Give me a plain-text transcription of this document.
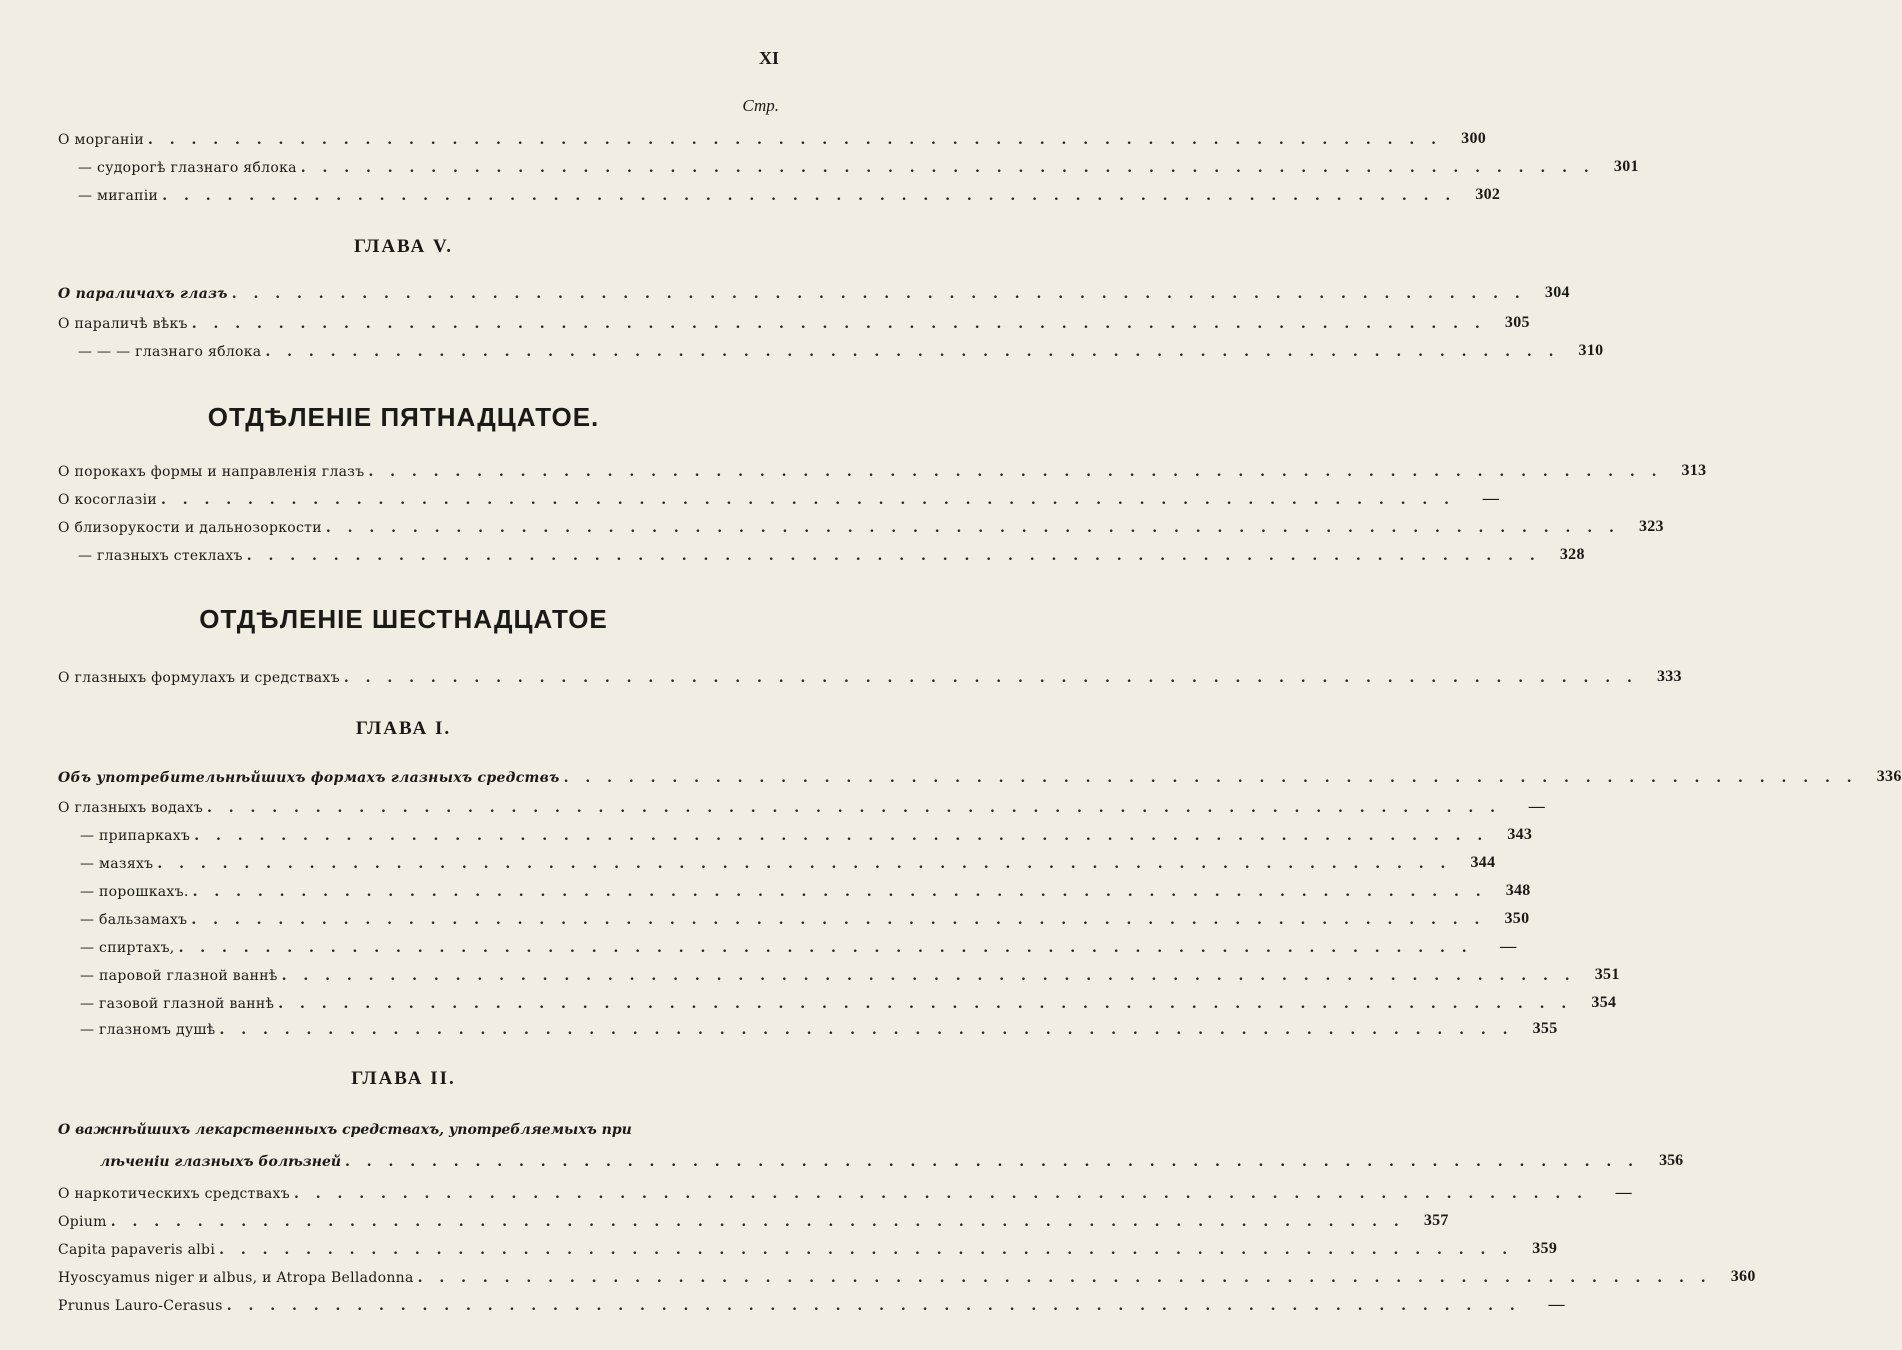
XI
Стр.
О морганіи . . . . . . . . . . . . . . . . . . . . . . . . . . . . . . . . . . . . . . . . . . . . . . . . . . . . . . . . . . . .	300
— судорогѣ глазнаго яблока . . . . . . . . . . . . . . . . . . . . . . . . . . . . . . . . . . . . . . . . . . . . . . . . . . . . . . . . . . . .	301
— мигапіи . . . . . . . . . . . . . . . . . . . . . . . . . . . . . . . . . . . . . . . . . . . . . . . . . . . . . . . . . . . .	302
ГЛАВА V.
О параличахъ глазъ . . . . . . . . . . . . . . . . . . . . . . . . . . . . . . . . . . . . . . . . . . . . . . . . . . . . . . . . . . . .	304
О параличѣ вѣкъ . . . . . . . . . . . . . . . . . . . . . . . . . . . . . . . . . . . . . . . . . . . . . . . . . . . . . . . . . . . .	305
— — — глазнаго яблока . . . . . . . . . . . . . . . . . . . . . . . . . . . . . . . . . . . . . . . . . . . . . . . . . . . . . . . . . . . .	310
ОТДѢЛЕНІЕ ПЯТНАДЦАТОЕ.
О порокахъ формы и направленія глазъ . . . . . . . . . . . . . . . . . . . . . . . . . . . . . . . . . . . . . . . . . . . . . . . . . . . . . . . . . . . .	313
О косоглазіи . . . . . . . . . . . . . . . . . . . . . . . . . . . . . . . . . . . . . . . . . . . . . . . . . . . . . . . . . . . .	—
О близорукости и дальнозоркости . . . . . . . . . . . . . . . . . . . . . . . . . . . . . . . . . . . . . . . . . . . . . . . . . . . . . . . . . . . .	323
— глазныхъ стеклахъ . . . . . . . . . . . . . . . . . . . . . . . . . . . . . . . . . . . . . . . . . . . . . . . . . . . . . . . . . . . .	328
ОТДѢЛЕНІЕ ШЕСТНАДЦАТОЕ
О глазныхъ формулахъ и средствахъ . . . . . . . . . . . . . . . . . . . . . . . . . . . . . . . . . . . . . . . . . . . . . . . . . . . . . . . . . . . .	333
ГЛАВА I.
Объ употребительнѣйшихъ формахъ глазныхъ средствъ . . . . . . . . . . . . . . . . . . . . . . . . . . . . . . . . . . . . . . . . . . . . . . . . . . . . . . . . . . . .	336
О глазныхъ водахъ . . . . . . . . . . . . . . . . . . . . . . . . . . . . . . . . . . . . . . . . . . . . . . . . . . . . . . . . . . . .	—
— припаркахъ . . . . . . . . . . . . . . . . . . . . . . . . . . . . . . . . . . . . . . . . . . . . . . . . . . . . . . . . . . . .	343
— мазяхъ . . . . . . . . . . . . . . . . . . . . . . . . . . . . . . . . . . . . . . . . . . . . . . . . . . . . . . . . . . . .	344
— порошкахъ. . . . . . . . . . . . . . . . . . . . . . . . . . . . . . . . . . . . . . . . . . . . . . . . . . . . . . . . . . . . .	348
— бальзамахъ . . . . . . . . . . . . . . . . . . . . . . . . . . . . . . . . . . . . . . . . . . . . . . . . . . . . . . . . . . . .	350
— спиртахъ, . . . . . . . . . . . . . . . . . . . . . . . . . . . . . . . . . . . . . . . . . . . . . . . . . . . . . . . . . . . .	—
— паровой глазной ваннѣ . . . . . . . . . . . . . . . . . . . . . . . . . . . . . . . . . . . . . . . . . . . . . . . . . . . . . . . . . . . .	351
— газовой глазной ваннѣ . . . . . . . . . . . . . . . . . . . . . . . . . . . . . . . . . . . . . . . . . . . . . . . . . . . . . . . . . . . .	354
— глазномъ душѣ . . . . . . . . . . . . . . . . . . . . . . . . . . . . . . . . . . . . . . . . . . . . . . . . . . . . . . . . . . . .	355
ГЛАВА II.
О важнѣйшихъ лекарственныхъ средствахъ, употребляемыхъ при
лѣченіи глазныхъ болѣзней . . . . . . . . . . . . . . . . . . . . . . . . . . . . . . . . . . . . . . . . . . . . . . . . . . . . . . . . . . . .	356
О наркотическихъ средствахъ . . . . . . . . . . . . . . . . . . . . . . . . . . . . . . . . . . . . . . . . . . . . . . . . . . . . . . . . . . . .	—
Opium . . . . . . . . . . . . . . . . . . . . . . . . . . . . . . . . . . . . . . . . . . . . . . . . . . . . . . . . . . . .	357
Capita papaveris albi . . . . . . . . . . . . . . . . . . . . . . . . . . . . . . . . . . . . . . . . . . . . . . . . . . . . . . . . . . . .	359
Hyoscyamus niger и albus, и Atropa Belladonna . . . . . . . . . . . . . . . . . . . . . . . . . . . . . . . . . . . . . . . . . . . . . . . . . . . . . . . . . . . .	360
Prunus Lauro-Cerasus . . . . . . . . . . . . . . . . . . . . . . . . . . . . . . . . . . . . . . . . . . . . . . . . . . . . . . . . . . . .	—
